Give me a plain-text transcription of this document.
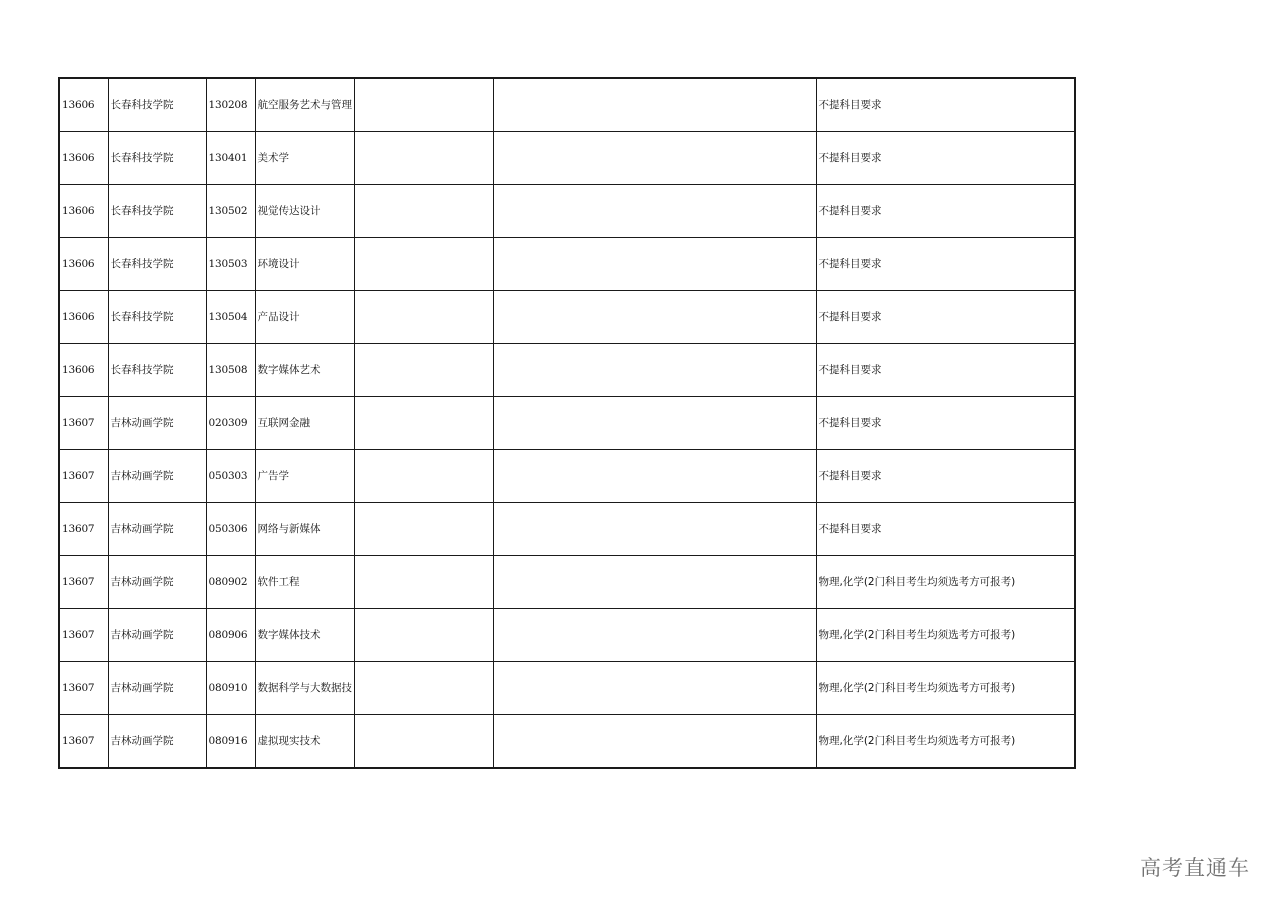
13606	长春科技学院	130208	航空服务艺术与管理			不提科目要求
13606	长春科技学院	130401	美术学			不提科目要求
13606	长春科技学院	130502	视觉传达设计			不提科目要求
13606	长春科技学院	130503	环境设计			不提科目要求
13606	长春科技学院	130504	产品设计			不提科目要求
13606	长春科技学院	130508	数字媒体艺术			不提科目要求
13607	吉林动画学院	020309	互联网金融			不提科目要求
13607	吉林动画学院	050303	广告学			不提科目要求
13607	吉林动画学院	050306	网络与新媒体			不提科目要求
13607	吉林动画学院	080902	软件工程			物理,化学(2门科目考生均须选考方可报考)
13607	吉林动画学院	080906	数字媒体技术			物理,化学(2门科目考生均须选考方可报考)
13607	吉林动画学院	080910	数据科学与大数据技			物理,化学(2门科目考生均须选考方可报考)
13607	吉林动画学院	080916	虚拟现实技术			物理,化学(2门科目考生均须选考方可报考)
高考直通车
